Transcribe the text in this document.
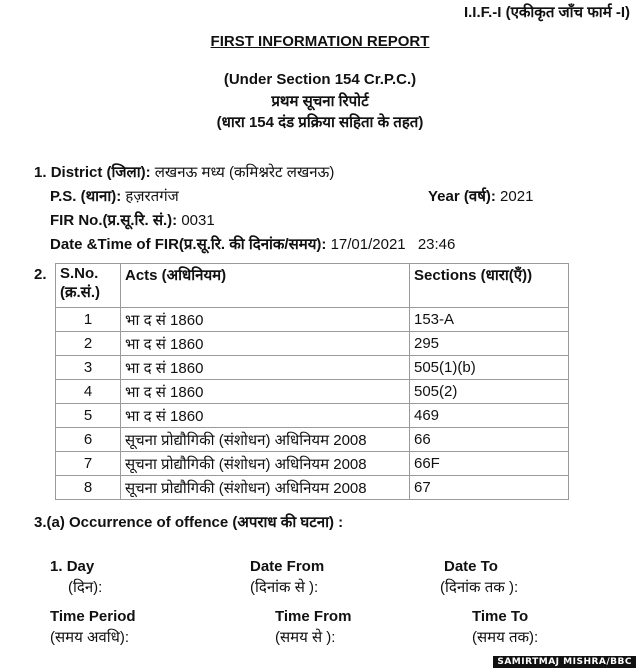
I.I.F.-I (एकीकृत जाँच फार्म -I)
FIRST INFORMATION REPORT
(Under Section 154 Cr.P.C.)
प्रथम सूचना रिपोर्ट
(धारा 154 दंड प्रक्रिया सहिता के तहत)
1. District (जिला): लखनऊ मध्य (कमिश्नरेट लखनऊ)
P.S. (थाना): हज़रतगंज	Year (वर्ष): 2021
FIR No.(प्र.सू.रि. सं.): 0031
Date &Time of FIR(प्र.सू.रि. की दिनांक/समय): 17/01/2021 23:46
2. S.No.
(क्र.सं.)	Acts (अधिनियम)	Sections (धारा(एँ))
1	भा द सं 1860	153-A
2	भा द सं 1860	295
3	भा द सं 1860	505(1)(b)
4	भा द सं 1860	505(2)
5	भा द सं 1860	469
6	सूचना प्रोद्यौगिकी (संशोधन) अधिनियम 2008	66
7	सूचना प्रोद्यौगिकी (संशोधन) अधिनियम 2008	66F
8	सूचना प्रोद्यौगिकी (संशोधन) अधिनियम 2008	67
3.(a) Occurrence of offence (अपराध की घटना) :
1. Day
(दिन):
Date From
(दिनांक से ):
Date To
(दिनांक तक ):
Time Period
(समय अवधि):
Time From
(समय से ):
Time To
(समय तक):
SAMIRTMAJ MISHRA/BBC
